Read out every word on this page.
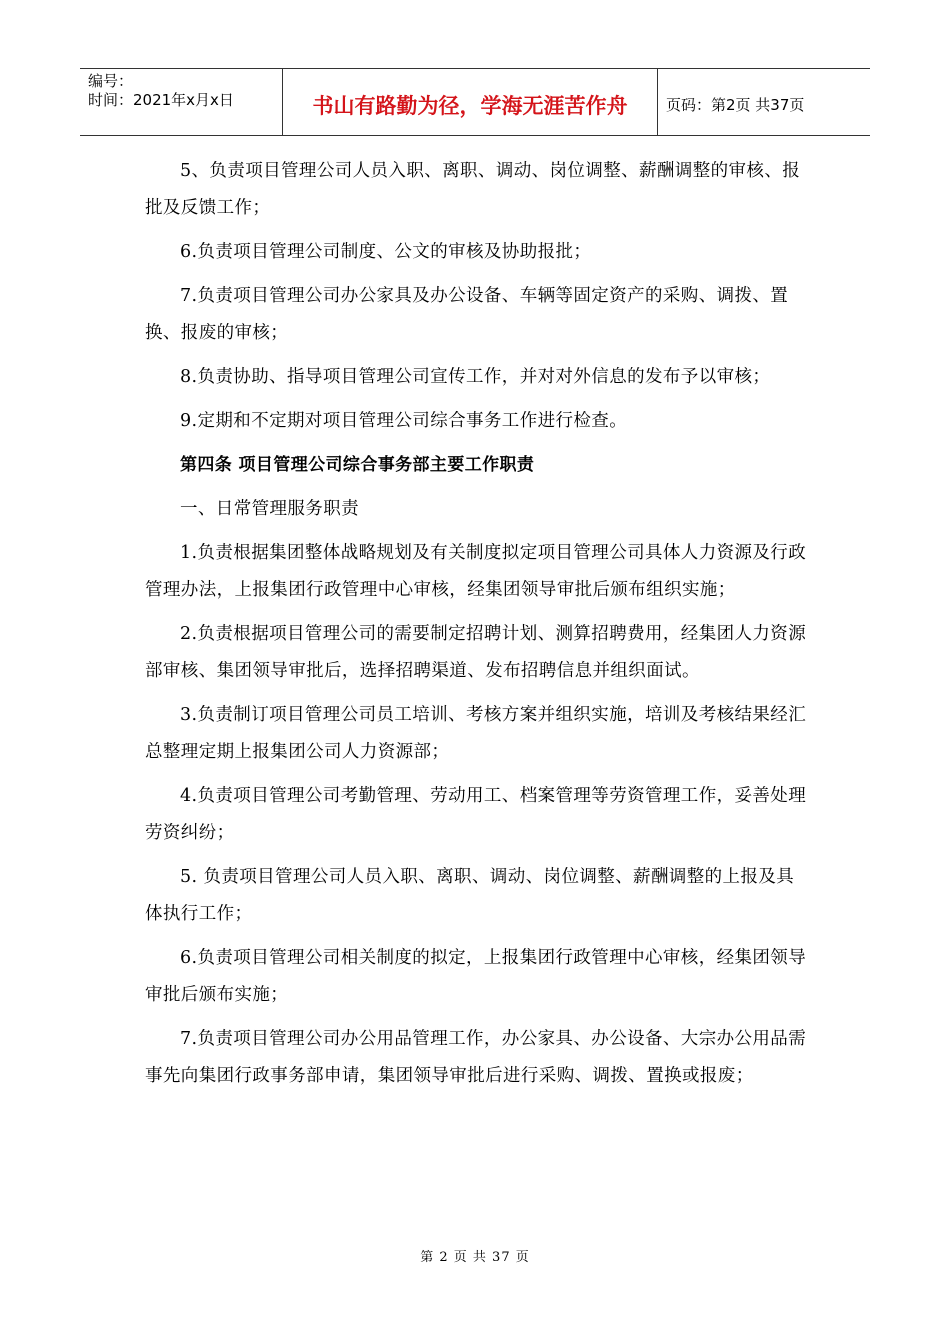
编号：
时间：2021年x月x日	书山有路勤为径，学海无涯苦作舟	页码：第2页 共37页

5、负责项目管理公司人员入职、离职、调动、岗位调整、薪酬调整的审核、报批及反馈工作；

6.负责项目管理公司制度、公文的审核及协助报批；

7.负责项目管理公司办公家具及办公设备、车辆等固定资产的采购、调拨、置换、报废的审核；

8.负责协助、指导项目管理公司宣传工作，并对对外信息的发布予以审核；

9.定期和不定期对项目管理公司综合事务工作进行检查。

第四条 项目管理公司综合事务部主要工作职责

一、日常管理服务职责

1.负责根据集团整体战略规划及有关制度拟定项目管理公司具体人力资源及行政管理办法，上报集团行政管理中心审核，经集团领导审批后颁布组织实施；

2.负责根据项目管理公司的需要制定招聘计划、测算招聘费用，经集团人力资源部审核、集团领导审批后，选择招聘渠道、发布招聘信息并组织面试。

3.负责制订项目管理公司员工培训、考核方案并组织实施，培训及考核结果经汇总整理定期上报集团公司人力资源部；

4.负责项目管理公司考勤管理、劳动用工、档案管理等劳资管理工作，妥善处理劳资纠纷；

5. 负责项目管理公司人员入职、离职、调动、岗位调整、薪酬调整的上报及具体执行工作；

6.负责项目管理公司相关制度的拟定，上报集团行政管理中心审核，经集团领导审批后颁布实施；

7.负责项目管理公司办公用品管理工作，办公家具、办公设备、大宗办公用品需事先向集团行政事务部申请，集团领导审批后进行采购、调拨、置换或报废；

第 2 页 共 37 页
